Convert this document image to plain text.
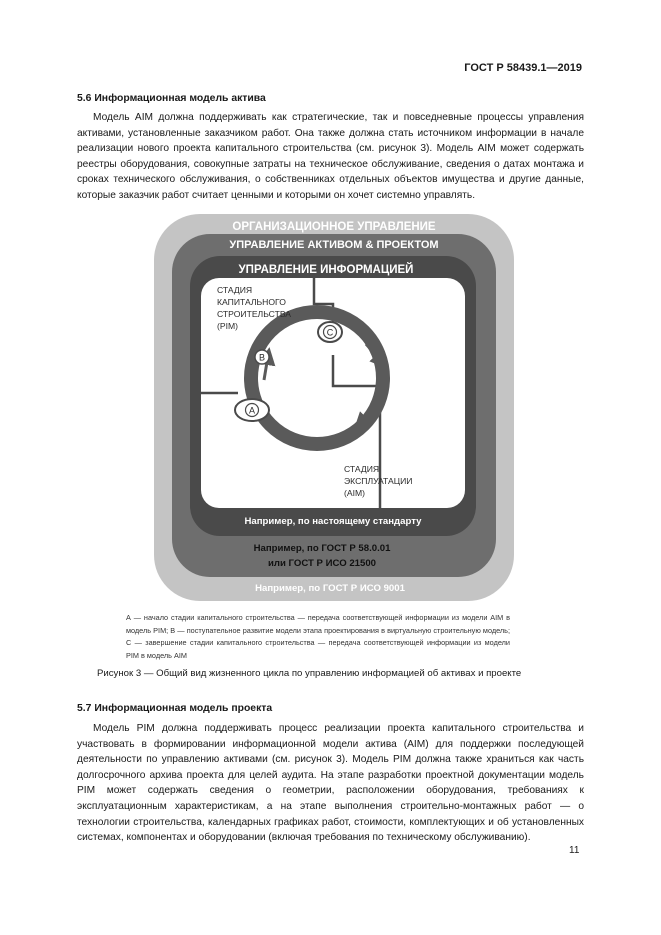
ГОСТ Р 58439.1—2019
5.6 Информационная модель актива

Модель AIM должна поддерживать как стратегические, так и повседневные процессы управления активами, установленные заказчиком работ. Она также должна стать источником информации в начале реализации нового проекта капитального строительства (см. рисунок 3). Модель AIM может содержать реестры оборудования, совокупные затраты на техническое обслуживание, сведения о датах монтажа и сроках технического обслуживания, о собственниках отдельных объектов имущества и другие данные, которые заказчик работ считает ценными и которыми он хочет системно управлять.

ОРГАНИЗАЦИОННОЕ УПРАВЛЕНИЕ
УПРАВЛЕНИЕ АКТИВОМ & ПРОЕКТОМ
УПРАВЛЕНИЕ ИНФОРМАЦИЕЙ
СТАДИЯ КАПИТАЛЬНОГО СТРОИТЕЛЬСТВА (PIM)
СТАДИЯ ЭКСПЛУАТАЦИИ (AIM)
A
B
C
Например, по настоящему стандарту
Например, по ГОСТ Р 58.0.01
или ГОСТ Р ИСО 21500
Например, по ГОСТ Р ИСО 9001

А — начало стадии капитального строительства — передача соответствующей информации из модели AIM в модель PIM; В — поступательное развитие модели этапа проектирования в виртуальную строительную модель; С — завершение стадии капитального строительства — передача соответствующей информации из модели PIM в модель AIM

Рисунок 3 — Общий вид жизненного цикла по управлению информацией об активах и проекте

5.7 Информационная модель проекта

Модель PIM должна поддерживать процесс реализации проекта капитального строительства и участвовать в формировании информационной модели актива (AIM) для поддержки последующей деятельности по управлению активами (см. рисунок 3). Модель PIM должна также храниться как часть долгосрочного архива проекта для целей аудита. На этапе разработки проектной документации модель PIM может содержать сведения о геометрии, расположении оборудования, требованиях к эксплуатационным характеристикам, а на этапе выполнения строительно-монтажных работ — о технологии строительства, календарных графиках работ, стоимости, комплектующих и об установленных системах, компонентах и оборудовании (включая требования по техническому обслуживанию).

11
